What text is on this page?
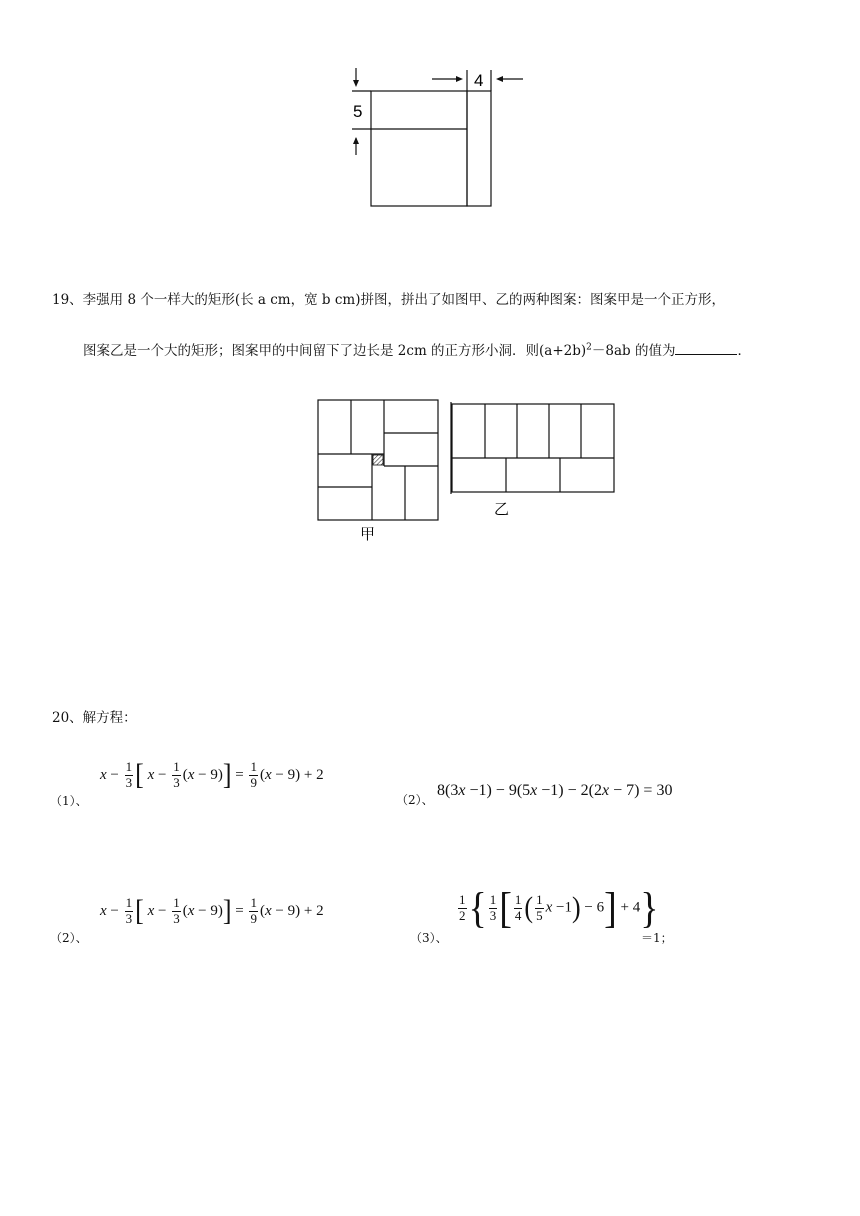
5
4
19、李强用 8 个一样大的矩形(长 a cm，宽 b cm)拼图，拼出了如图甲、乙的两种图案：图案甲是一个正方形，
图案乙是一个大的矩形；图案甲的中间留下了边长是 2cm 的正方形小洞．则$(a+2b)^2-8ab$ 的值为	．
甲
乙
20、解方程：
（1）、
$x - \frac{1}{3}$ [ $x - \frac{1}{3} (x - 9)] = \frac{1}{9} (x - 9) + 2$
（2）、
8(3x −1) − 9(5x −1) − 2(2x − 7) = 30
（2）、
$x - \frac{1}{3}$ [ $x - \frac{1}{3} (x - 9)] = \frac{1}{9} (x - 9) + 2$
（3）、
$\frac{1}{2}$ { $\frac{1}{3}$ [ $\frac{1}{4}$ ( $\frac{1}{5}$ x −1) − 6] + 4}
＝1；
